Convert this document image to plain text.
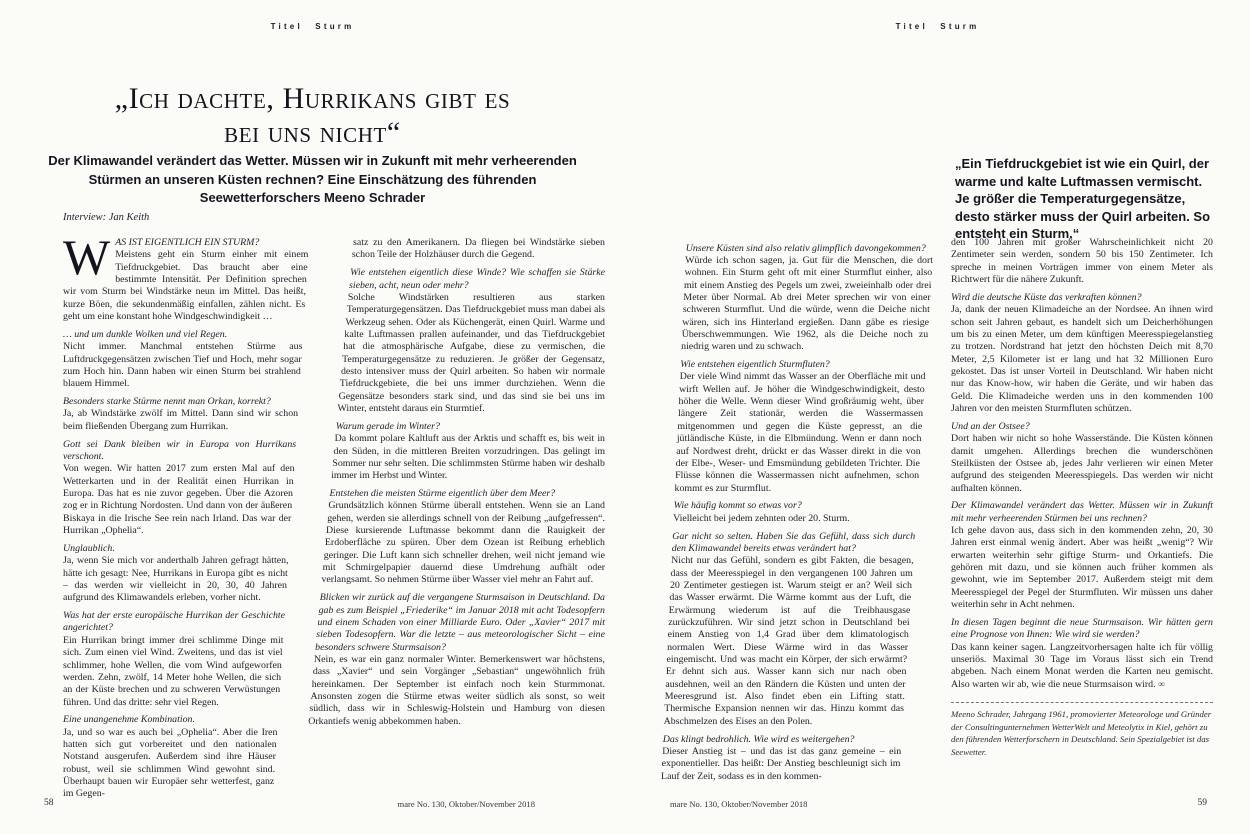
Titel Sturm
„Ich dachte, Hurrikans gibt es
bei uns nicht“

Der Klimawandel verändert das Wetter. Müssen wir in Zukunft mit mehr verheerenden Stürmen an unseren Küsten rechnen? Eine Einschätzung des führenden Seewetterforschers Meeno Schrader

Interview: Jan Keith

WAS IST EIGENTLICH EIN STURM?

Meistens geht ein Sturm einher mit einem Tiefdruckgebiet. Das braucht aber eine bestimmte Intensität. Per Definition sprechen wir vom Sturm bei Windstärke neun im Mittel. Das heißt, kurze Böen, die sekundenmäßig einfallen, zählen nicht. Es geht um eine konstant hohe Windgeschwindigkeit …

… und um dunkle Wolken und viel Regen.

Nicht immer. Manchmal entstehen Stürme aus Luftdruckgegensätzen zwischen Tief und Hoch, mehr sogar zum Hoch hin. Dann haben wir einen Sturm bei strahlend blauem Himmel.

Besonders starke Stürme nennt man Orkan, korrekt?

Ja, ab Windstärke zwölf im Mittel. Dann sind wir schon beim fließenden Übergang zum Hurrikan.

Gott sei Dank bleiben wir in Europa von Hurrikans verschont.

Von wegen. Wir hatten 2017 zum ersten Mal auf den Wetterkarten und in der Realität einen Hurrikan in Europa. Das hat es nie zuvor gegeben. Über die Azoren zog er in Richtung Nordosten. Und dann von der äußeren Biskaya in die Irische See rein nach Irland. Das war der Hurrikan „Ophelia“.

Unglaublich.

Ja, wenn Sie mich vor anderthalb Jahren gefragt hätten, hätte ich gesagt: Nee, Hurrikans in Europa gibt es nicht – das werden wir vielleicht in 20, 30, 40 Jahren aufgrund des Klimawandels erleben, vorher nicht.

Was hat der erste europäische Hurrikan der Geschichte angerichtet?

Ein Hurrikan bringt immer drei schlimme Dinge mit sich. Zum einen viel Wind. Zweitens, und das ist viel schlimmer, hohe Wellen, die vom Wind aufgeworfen werden. Zehn, zwölf, 14 Meter hohe Wellen, die sich an der Küste brechen und zu schweren Verwüstungen führen. Und das dritte: sehr viel Regen.

Eine unangenehme Kombination.

Ja, und so war es auch bei „Ophelia“. Aber die Iren hatten sich gut vorbereitet und den nationalen Notstand ausgerufen. Außerdem sind ihre Häuser robust, weil sie schlimmen Wind gewohnt sind. Überhaupt bauen wir Europäer sehr wetterfest, ganz im Gegen-

satz zu den Amerikanern. Da fliegen bei Windstärke sieben schon Teile der Holzhäuser durch die Gegend.

Wie entstehen eigentlich diese Winde? Wie schaffen sie Stärke sieben, acht, neun oder mehr?

Solche Windstärken resultieren aus starken Temperaturgegensätzen. Das Tiefdruckgebiet muss man dabei als Werkzeug sehen. Oder als Küchengerät, einen Quirl. Warme und kalte Luftmassen prallen aufeinander, und das Tiefdruckgebiet hat die atmosphärische Aufgabe, diese zu vermischen, die Temperaturgegensätze zu reduzieren. Je größer der Gegensatz, desto intensiver muss der Quirl arbeiten. So haben wir normale Tiefdruckgebiete, die bei uns immer durchziehen. Wenn die Gegensätze besonders stark sind, und das sind sie bei uns im Winter, entsteht daraus ein Sturmtief.

Warum gerade im Winter?

Da kommt polare Kaltluft aus der Arktis und schafft es, bis weit in den Süden, in die mittleren Breiten vorzudringen. Das gelingt im Sommer nur sehr selten. Die schlimmsten Stürme haben wir deshalb immer im Herbst und Winter.

Entstehen die meisten Stürme eigentlich über dem Meer?

Grundsätzlich können Stürme überall entstehen. Wenn sie an Land gehen, werden sie allerdings schnell von der Reibung „aufgefressen“. Diese kursierende Luftmasse bekommt dann die Rauigkeit der Erdoberfläche zu spüren. Über dem Ozean ist Reibung erheblich geringer. Die Luft kann sich schneller drehen, weil nicht jemand wie mit Schmirgelpapier dauernd diese Umdrehung aufhält oder verlangsamt. So nehmen Stürme über Wasser viel mehr an Fahrt auf.

Blicken wir zurück auf die vergangene Sturmsaison in Deutschland. Da gab es zum Beispiel „Friederike“ im Januar 2018 mit acht Todesopfern und einem Schaden von einer Milliarde Euro. Oder „Xavier“ 2017 mit sieben Todesopfern. War die letzte – aus meteorologischer Sicht – eine besonders schwere Sturmsaison?

Nein, es war ein ganz normaler Winter. Bemerkenswert war höchstens, dass „Xavier“ und sein Vorgänger „Sebastian“ ungewöhnlich früh hereinkamen. Der September ist einfach noch kein Sturmmonat. Ansonsten zogen die Stürme etwas weiter südlich als sonst, so weit südlich, dass wir in Schleswig-Holstein und Hamburg von diesen Orkantiefs wenig abbekommen haben.

58	mare No. 130, Oktober/November 2018
Titel Sturm
„Ein Tiefdruckgebiet ist wie ein Quirl, der warme und kalte Luftmassen vermischt. Je größer die Temperaturgegensätze, desto stärker muss der Quirl arbeiten. So entsteht ein Sturm.“

Unsere Küsten sind also relativ glimpflich davongekommen?

Würde ich schon sagen, ja. Gut für die Menschen, die dort wohnen. Ein Sturm geht oft mit einer Sturmflut einher, also mit einem Anstieg des Pegels um zwei, zweieinhalb oder drei Meter über Normal. Ab drei Meter sprechen wir von einer schweren Sturmflut. Und die würde, wenn die Deiche nicht wären, sich ins Hinterland ergießen. Dann gäbe es riesige Überschwemmungen. Wie 1962, als die Deiche noch zu niedrig waren und zu schwach.

Wie entstehen eigentlich Sturmfluten?

Der viele Wind nimmt das Wasser an der Oberfläche mit und wirft Wellen auf. Je höher die Windgeschwindigkeit, desto höher die Welle. Wenn dieser Wind großräumig weht, über längere Zeit stationär, werden die Wassermassen mitgenommen und gegen die Küste gepresst, an die jütländische Küste, in die Elbmündung. Wenn er dann noch auf Nordwest dreht, drückt er das Wasser direkt in die von der Elbe-, Weser- und Emsmündung gebildeten Trichter. Die Flüsse können die Wassermassen nicht aufnehmen, schon kommt es zur Sturmflut.

Wie häufig kommt so etwas vor?

Vielleicht bei jedem zehnten oder 20. Sturm.

Gar nicht so selten. Haben Sie das Gefühl, dass sich durch den Klimawandel bereits etwas verändert hat?

Nicht nur das Gefühl, sondern es gibt Fakten, die besagen, dass der Meeresspiegel in den vergangenen 100 Jahren um 20 Zentimeter gestiegen ist. Warum steigt er an? Weil sich das Wasser erwärmt. Die Wärme kommt aus der Luft, die Erwärmung wiederum ist auf die Treibhausgase zurückzuführen. Wir sind jetzt schon in Deutschland bei einem Anstieg von 1,4 Grad über dem klimatologisch normalen Wert. Diese Wärme wird in das Wasser eingemischt. Und was macht ein Körper, der sich erwärmt? Er dehnt sich aus. Wasser kann sich nur nach oben ausdehnen, weil an den Rändern die Küsten und unten der Meeresgrund ist. Also findet eben ein Lifting statt. Thermische Expansion nennen wir das. Hinzu kommt das Abschmelzen des Eises an den Polen.

Das klingt bedrohlich. Wie wird es weitergehen?

Dieser Anstieg ist – und das ist das ganz gemeine – ein exponentieller. Das heißt: Der Anstieg beschleunigt sich im Lauf der Zeit, sodass es in den kommen-

den 100 Jahren mit großer Wahrscheinlichkeit nicht 20 Zentimeter sein werden, sondern 50 bis 150 Zentimeter. Ich spreche in meinen Vorträgen immer von einem Meter als Richtwert für die nähere Zukunft.

Wird die deutsche Küste das verkraften können?

Ja, dank der neuen Klimadeiche an der Nordsee. An ihnen wird schon seit Jahren gebaut, es handelt sich um Deicherhöhungen um bis zu einen Meter, um dem künftigen Meeresspiegelanstieg zu trotzen. Nordstrand hat jetzt den höchsten Deich mit 8,70 Meter, 2,5 Kilometer ist er lang und hat 32 Millionen Euro gekostet. Das ist unser Vorteil in Deutschland. Wir haben nicht nur das Know-how, wir haben die Geräte, und wir haben das Geld. Die Klimadeiche werden uns in den kommenden 100 Jahren vor den meisten Sturmfluten schützen.

Und an der Ostsee?

Dort haben wir nicht so hohe Wasserstände. Die Küsten können damit umgehen. Allerdings brechen die wunderschönen Steilküsten der Ostsee ab, jedes Jahr verlieren wir einen Meter aufgrund des steigenden Meeresspiegels. Das werden wir nicht aufhalten können.

Der Klimawandel verändert das Wetter. Müssen wir in Zukunft mit mehr verheerenden Stürmen bei uns rechnen?

Ich gehe davon aus, dass sich in den kommenden zehn, 20, 30 Jahren erst einmal wenig ändert. Aber was heißt „wenig“? Wir erwarten weiterhin sehr giftige Sturm- und Orkantiefs. Die gehören mit dazu, und sie können auch früher kommen als gewohnt, wie im September 2017. Außerdem steigt mit dem Meeresspiegel der Pegel der Sturmfluten. Wir müssen uns daher weiterhin sehr in Acht nehmen.

In diesen Tagen beginnt die neue Sturmsaison. Wir hätten gern eine Prognose von Ihnen: Wie wird sie werden?

Das kann keiner sagen. Langzeitvorhersagen halte ich für völlig unseriös. Maximal 30 Tage im Voraus lässt sich ein Trend abgeben. Nach einem Monat werden die Karten neu gemischt. Also warten wir ab, wie die neue Sturmsaison wird. ∞

Meeno Schrader, Jahrgang 1961, promovierter Meteorologe und Gründer der Consultingunternehmen WetterWelt und Meteolytix in Kiel, gehört zu den führenden Wetterforschern in Deutschland. Sein Spezialgebiet ist das Seewetter.

mare No. 130, Oktober/November 2018	59
